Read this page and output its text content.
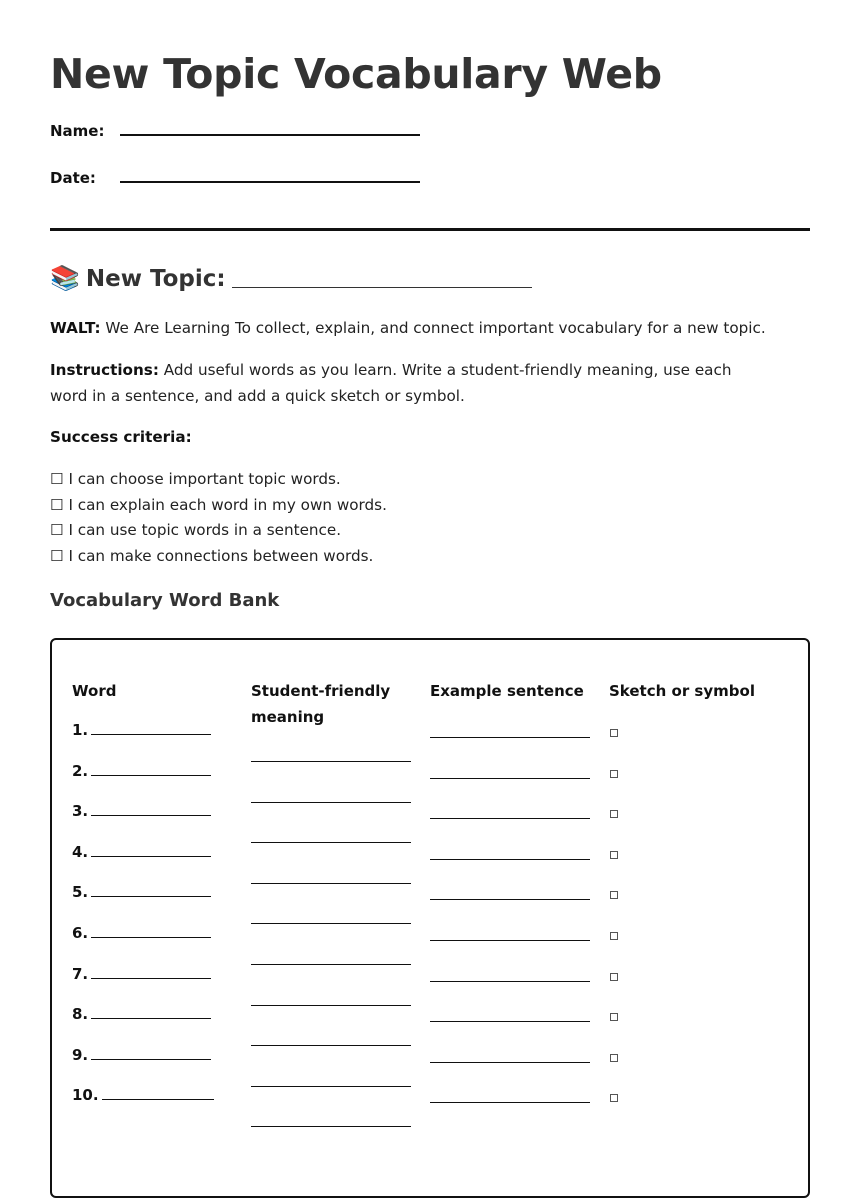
New Topic Vocabulary Web
Name:
Date:
📚 New Topic:

WALT: We Are Learning To collect, explain, and connect important vocabulary for a new topic.

Instructions: Add useful words as you learn. Write a student-friendly meaning, use each word in a sentence, and add a quick sketch or symbol.

Success criteria:

☐ I can choose important topic words.
☐ I can explain each word in my own words.
☐ I can use topic words in a sentence.
☐ I can make connections between words.
Vocabulary Word Bank
Word
1.
2.
3.
4.
5.
6.
7.
8.
9.
10.
Student-friendly meaning
Example sentence	Sketch or symbol
